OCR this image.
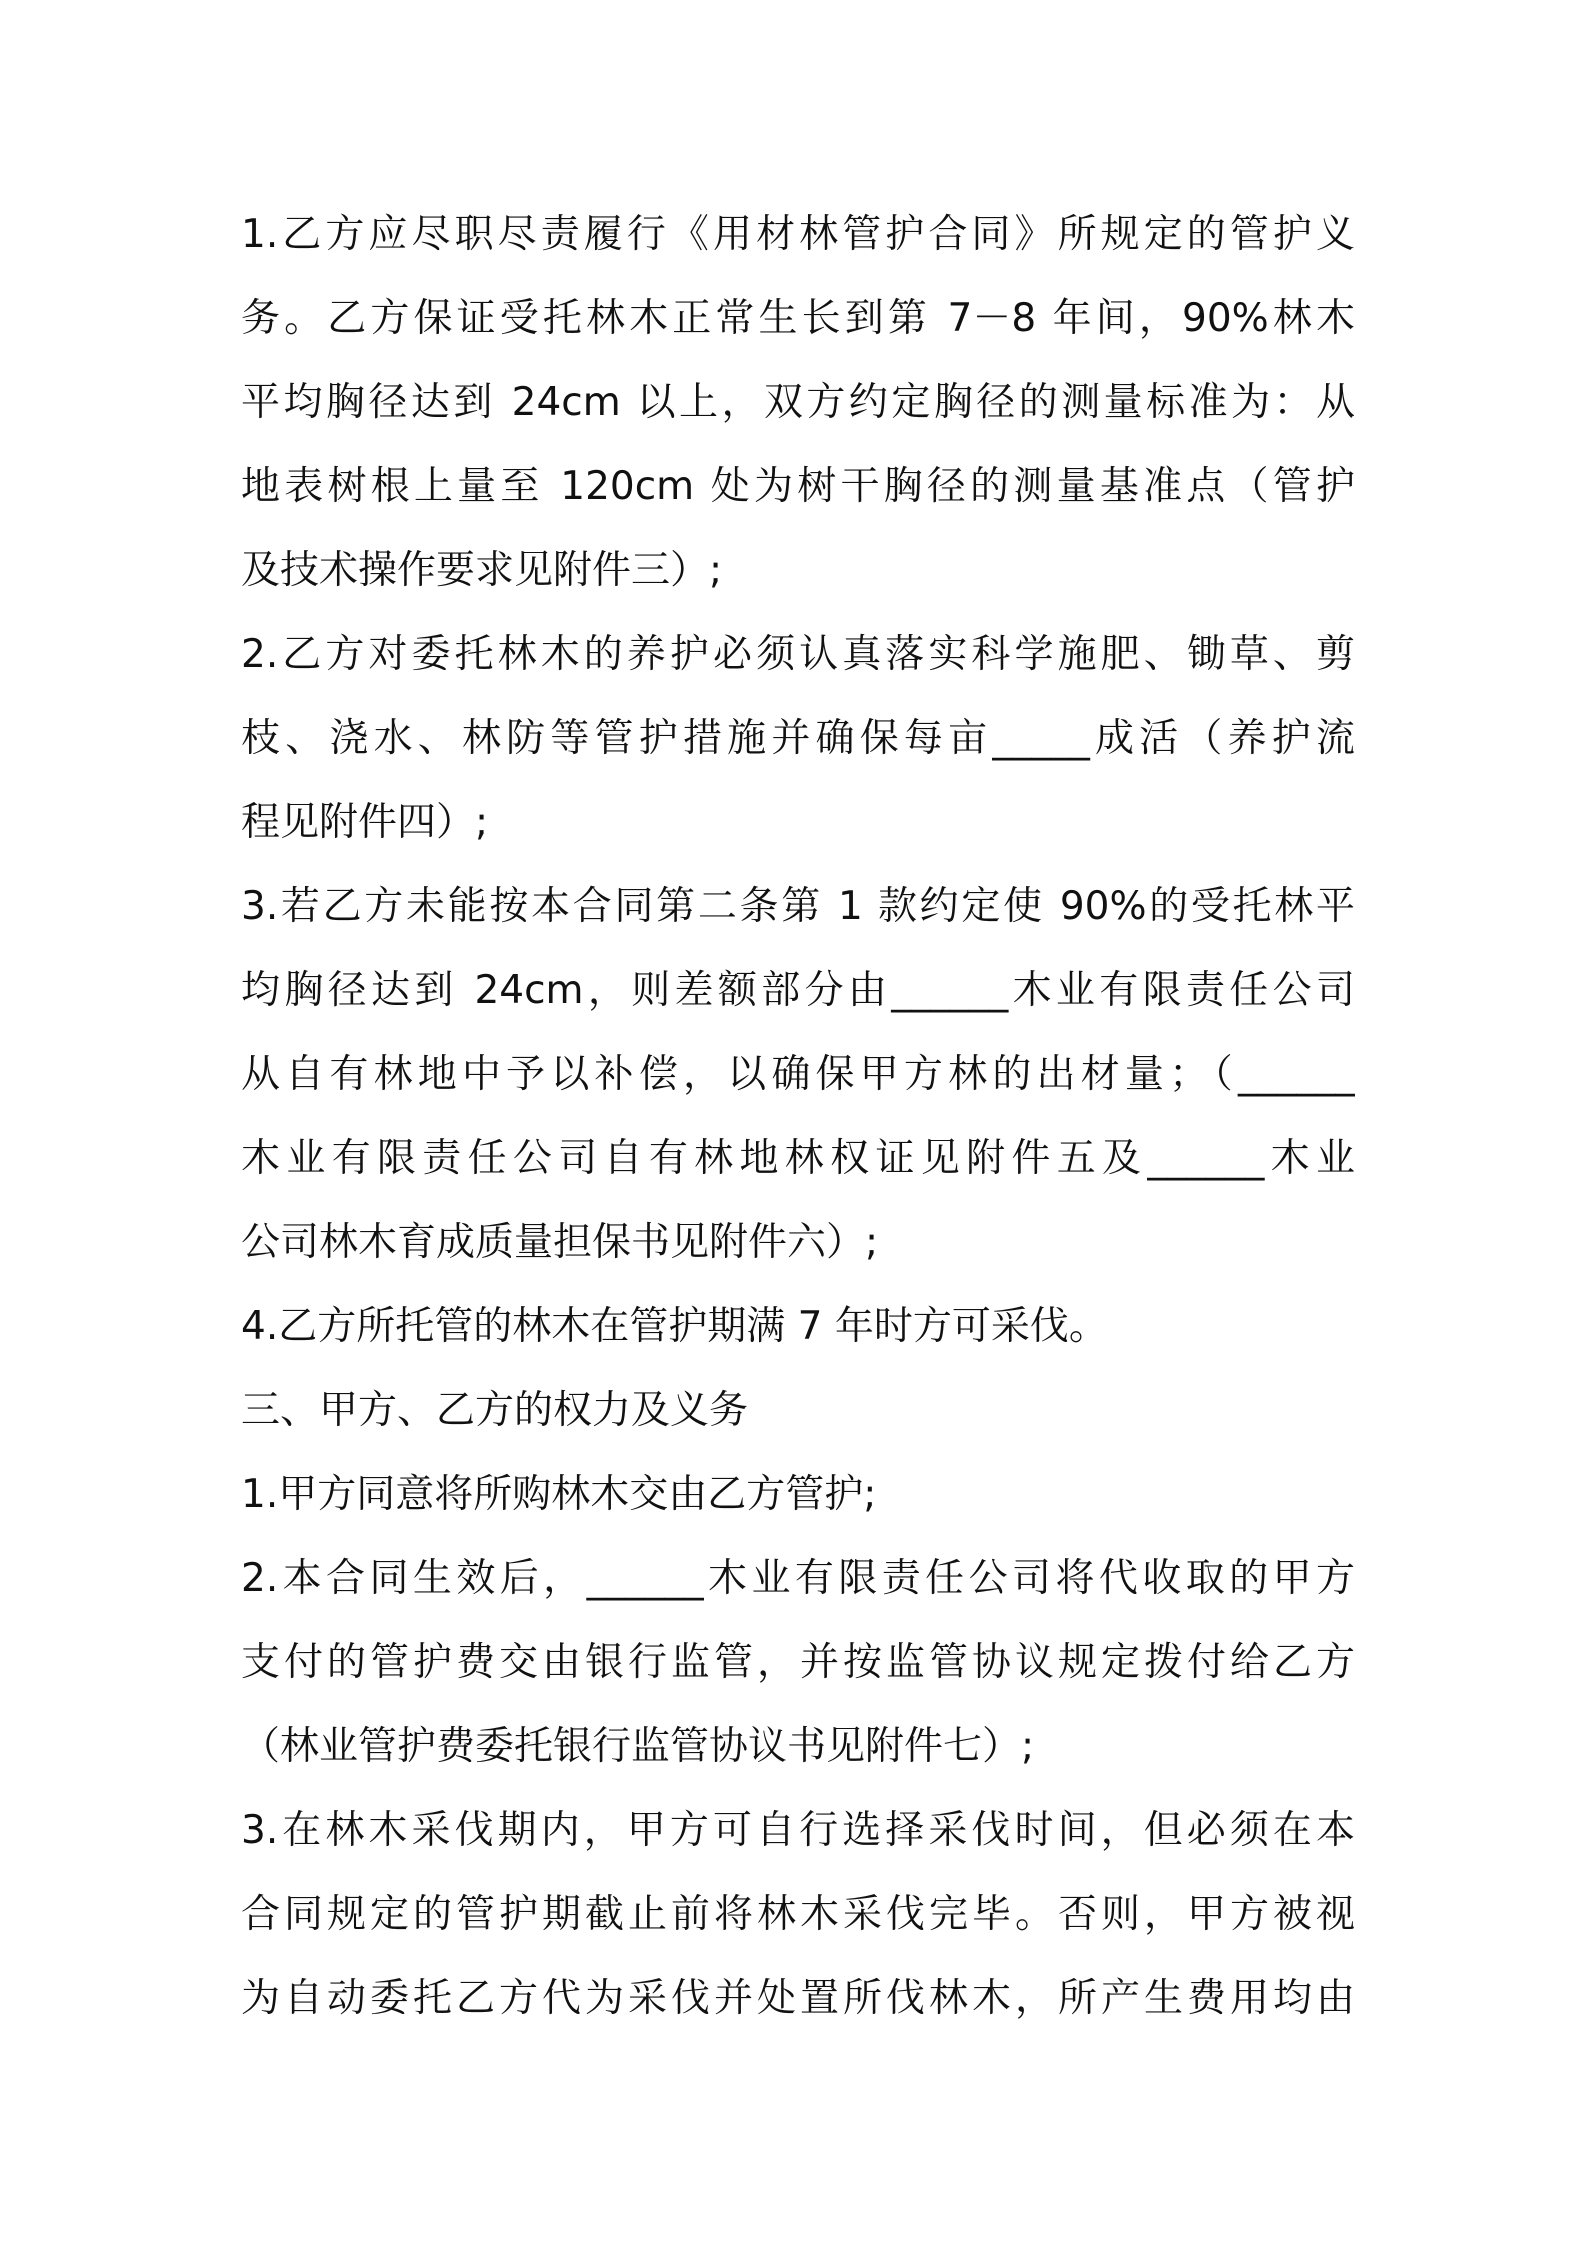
1.乙方应尽职尽责履行《用材林管护合同》所规定的管护义
务。乙方保证受托林木正常生长到第 7－8 年间，90%林木
平均胸径达到 24cm 以上，双方约定胸径的测量标准为：从
地表树根上量至 120cm 处为树干胸径的测量基准点（管护
及技术操作要求见附件三）;
2.乙方对委托林木的养护必须认真落实科学施肥、锄草、剪
枝、浇水、林防等管护措施并确保每亩_____成活（养护流
程见附件四）;
3.若乙方未能按本合同第二条第 1 款约定使 90%的受托林平
均胸径达到 24cm，则差额部分由______木业有限责任公司
从自有林地中予以补偿，以确保甲方林的出材量；（______
木业有限责任公司自有林地林权证见附件五及______木业
公司林木育成质量担保书见附件六）;
4.乙方所托管的林木在管护期满 7 年时方可采伐。
三、甲方、乙方的权力及义务
1.甲方同意将所购林木交由乙方管护;
2.本合同生效后，______木业有限责任公司将代收取的甲方
支付的管护费交由银行监管，并按监管协议规定拨付给乙方
（林业管护费委托银行监管协议书见附件七）;
3.在林木采伐期内，甲方可自行选择采伐时间，但必须在本
合同规定的管护期截止前将林木采伐完毕。否则，甲方被视
为自动委托乙方代为采伐并处置所伐林木，所产生费用均由
